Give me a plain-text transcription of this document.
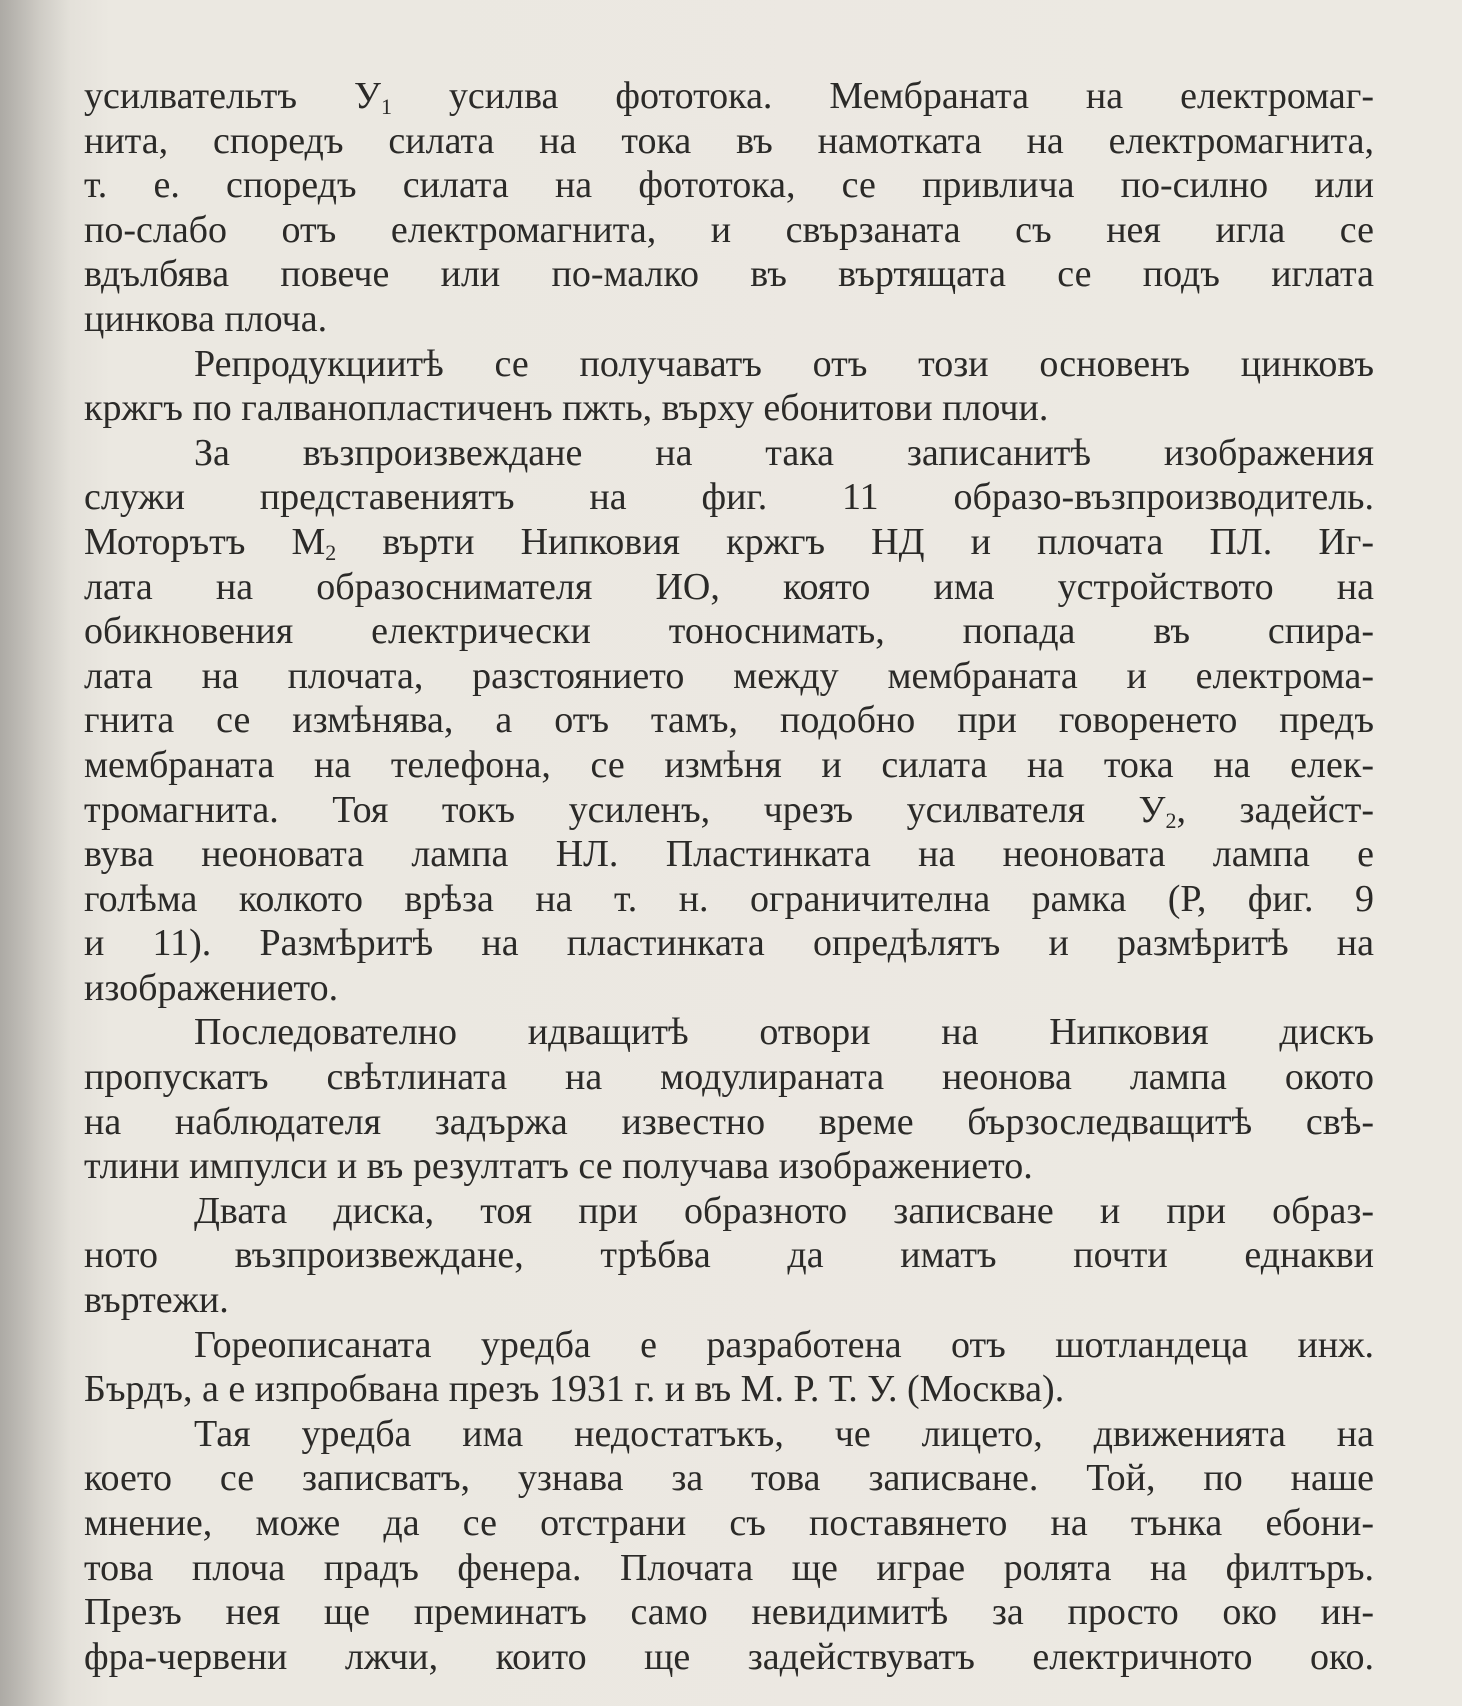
усилвательтъ $У_1$ усилва фототока. Мембраната на електромаг-
нита, споредъ силата на тока въ намотката на електромагнита,
т. е. споредъ силата на фототока, се привлича по-силно или
по-слабо отъ електромагнита, и свързаната съ нея игла се
вдълбява повече или по-малко въ въртящата се подъ иглата
цинкова плоча.
Репродукциитѣ се получаватъ отъ този основенъ цинковъ
кржгъ по галванопластиченъ пжть, върху ебонитови плочи.
За възпроизвеждане на така записанитѣ изображения
служи представениятъ на фиг. 11 образо-възпроизводитель.
Моторътъ $М_2$ върти Нипковия кржгъ НД и плочата ПЛ. Иг-
лата на образоснимателя ИО, която има устройството на
обикновения електрически тоноснимать, попада въ спира-
лата на плочата, разстоянието между мембраната и електрома-
гнита се измѣнява, а отъ тамъ, подобно при говоренето предъ
мембраната на телефона, се измѣня и силата на тока на елек-
тромагнита. Тоя токъ усиленъ, чрезъ усилвателя $У_2$, задейст-
вува неоновата лампа НЛ. Пластинката на неоновата лампа е
голѣма колкото врѣза на т. н. ограничителна рамка (Р, фиг. 9
и 11). Размѣритѣ на пластинката опредѣлятъ и размѣритѣ на
изображението.
Последователно идващитѣ отвори на Нипковия дискъ
пропускатъ свѣтлината на модулираната неонова лампа окото
на наблюдателя задържа известно време бързоследващитѣ свѣ-
тлини импулси и въ резултатъ се получава изображението.
Двата диска, тоя при образното записване и при образ-
ното възпроизвеждане, трѣбва да иматъ почти еднакви
въртежи.
Гореописаната уредба е разработена отъ шотландеца инж.
Бърдъ, а е изпробвана презъ 1931 г. и въ М. Р. Т. У. (Москва).
Тая уредба има недостатъкъ, че лицето, движенията на
което се записватъ, узнава за това записване. Той, по наше
мнение, може да се отстрани съ поставянето на тънка ебони-
това плоча прадъ фенера. Плочата ще играе ролята на филтъръ.
Презъ нея ще преминатъ само невидимитѣ за просто око ин-
фра-червени лжчи, които ще задействуватъ електричното око.
